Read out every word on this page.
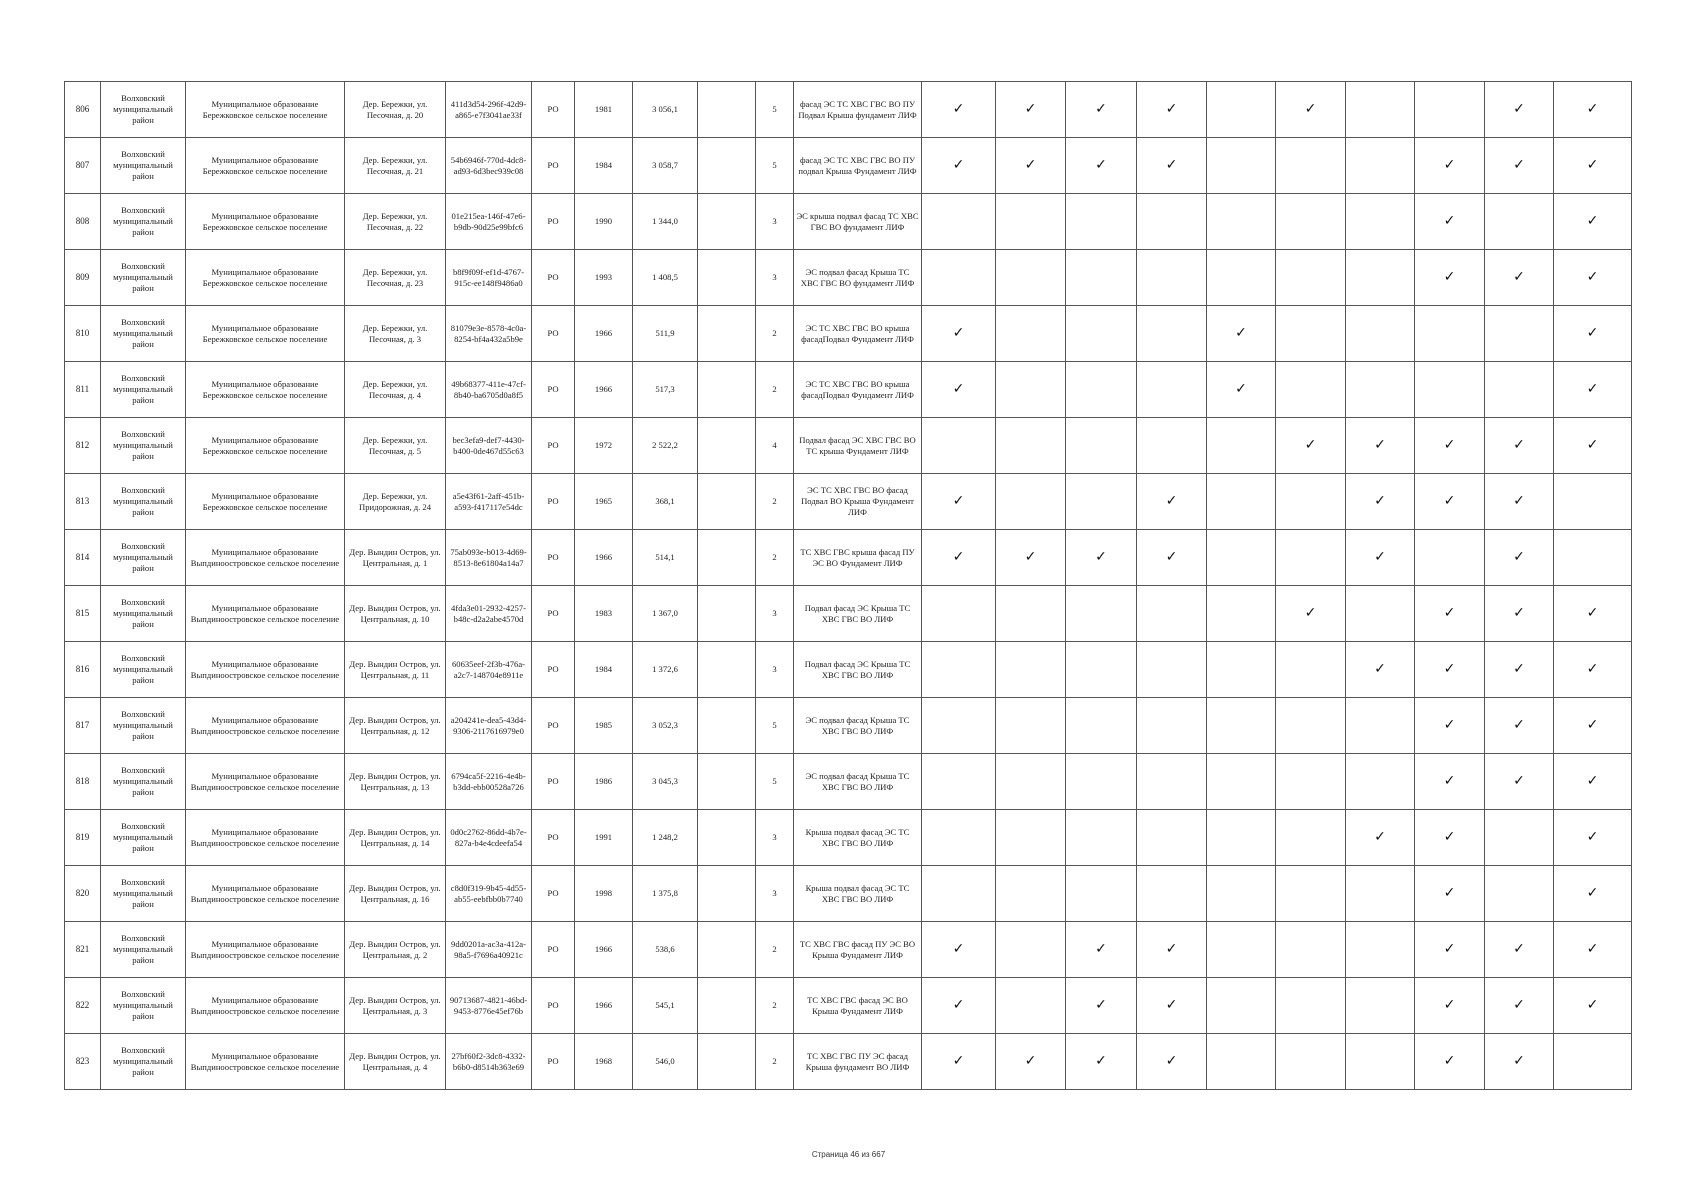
806	Волховский муниципальный район	Муниципальное образование Бережковское сельское поселение	Дер. Бережки, ул. Песочная, д. 20	411d3d54-296f-42d9-a865-e7f3041ae33f	РО	1981	3 056,1		5	фасад ЭС ТС ХВС ГВС ВО ПУ Подвал Крыша фундамент ЛИФ	✓	✓	✓	✓		✓			✓	✓
807	Волховский муниципальный район	Муниципальное образование Бережковское сельское поселение	Дер. Бережки, ул. Песочная, д. 21	54b6946f-770d-4dc8-ad93-6d3bec939c08	РО	1984	3 058,7		5	фасад ЭС ТС ХВС ГВС ВО ПУ подвал Крыша Фундамент ЛИФ	✓	✓	✓	✓				✓	✓	✓
808	Волховский муниципальный район	Муниципальное образование Бережковское сельское поселение	Дер. Бережки, ул. Песочная, д. 22	01e215ea-146f-47e6-b9db-90d25e99bfc6	РО	1990	1 344,0		3	ЭС крыша подвал фасад ТС ХВС ГВС ВО фундамент ЛИФ								✓		✓
809	Волховский муниципальный район	Муниципальное образование Бережковское сельское поселение	Дер. Бережки, ул. Песочная, д. 23	b8f9f09f-ef1d-4767-915c-ee148f9486a0	РО	1993	1 408,5		3	ЭС подвал фасад Крыша ТС ХВС ГВС ВО фундамент ЛИФ								✓	✓	✓
810	Волховский муниципальный район	Муниципальное образование Бережковское сельское поселение	Дер. Бережки, ул. Песочная, д. 3	81079e3e-8578-4c0a-8254-bf4a432a5b9e	РО	1966	511,9		2	ЭС ТС ХВС ГВС ВО крыша фасадПодвал Фундамент ЛИФ	✓				✓					✓
811	Волховский муниципальный район	Муниципальное образование Бережковское сельское поселение	Дер. Бережки, ул. Песочная, д. 4	49b68377-411e-47cf-8b40-ba6705d0a8f5	РО	1966	517,3		2	ЭС ТС ХВС ГВС ВО крыша фасадПодвал Фундамент ЛИФ	✓				✓					✓
812	Волховский муниципальный район	Муниципальное образование Бережковское сельское поселение	Дер. Бережки, ул. Песочная, д. 5	bec3efa9-def7-4430-b400-0de467d55c63	РО	1972	2 522,2		4	Подвал фасад ЭС ХВС ГВС ВО ТС крыша Фундамент ЛИФ						✓	✓	✓	✓	✓
813	Волховский муниципальный район	Муниципальное образование Бережковское сельское поселение	Дер. Бережки, ул. Придорожная, д. 24	a5e43f61-2aff-451b-a593-f417117e54dc	РО	1965	368,1		2	ЭС ТС ХВС ГВС ВО фасад Подвал ВО Крыша Фундамент ЛИФ	✓			✓			✓	✓	✓	
814	Волховский муниципальный район	Муниципальное образование Выпдиноостровское сельское поселение	Дер. Вындин Остров, ул. Центральная, д. 1	75ab093e-b013-4d69-8513-8e61804a14a7	РО	1966	514,1		2	ТС ХВС ГВС крыша фасад ПУ ЭС ВО Фундамент ЛИФ	✓	✓	✓	✓			✓		✓	
815	Волховский муниципальный район	Муниципальное образование Выпдиноостровское сельское поселение	Дер. Вындин Остров, ул. Центральная, д. 10	4fda3e01-2932-4257-b48c-d2a2abe4570d	РО	1983	1 367,0		3	Подвал фасад ЭС Крыша ТС ХВС ГВС ВО ЛИФ						✓		✓	✓	✓
816	Волховский муниципальный район	Муниципальное образование Выпдиноостровское сельское поселение	Дер. Вындин Остров, ул. Центральная, д. 11	60635eef-2f3b-476a-a2c7-148704e8911e	РО	1984	1 372,6		3	Подвал фасад ЭС Крыша ТС ХВС ГВС ВО ЛИФ							✓	✓	✓	✓
817	Волховский муниципальный район	Муниципальное образование Выпдиноостровское сельское поселение	Дер. Вындин Остров, ул. Центральная, д. 12	a204241e-dea5-43d4-9306-2117616979e0	РО	1985	3 052,3		5	ЭС подвал фасад Крыша ТС ХВС ГВС ВО ЛИФ								✓	✓	✓
818	Волховский муниципальный район	Муниципальное образование Выпдиноостровское сельское поселение	Дер. Вындин Остров, ул. Центральная, д. 13	6794ca5f-2216-4e4b-b3dd-ebb00528a726	РО	1986	3 045,3		5	ЭС подвал фасад Крыша ТС ХВС ГВС ВО ЛИФ								✓	✓	✓
819	Волховский муниципальный район	Муниципальное образование Выпдиноостровское сельское поселение	Дер. Вындин Остров, ул. Центральная, д. 14	0d0c2762-86dd-4b7e-827a-b4e4cdeefa54	РО	1991	1 248,2		3	Крыша подвал фасад ЭС ТС ХВС ГВС ВО ЛИФ							✓	✓		✓
820	Волховский муниципальный район	Муниципальное образование Выпдиноостровское сельское поселение	Дер. Вындин Остров, ул. Центральная, д. 16	c8d0f319-9b45-4d55-ab55-eebfbb0b7740	РО	1998	1 375,8		3	Крыша подвал фасад ЭС ТС ХВС ГВС ВО ЛИФ								✓		✓
821	Волховский муниципальный район	Муниципальное образование Выпдиноостровское сельское поселение	Дер. Вындин Остров, ул. Центральная, д. 2	9dd0201a-ac3a-412a-98a5-f7696a40921c	РО	1966	538,6		2	ТС ХВС ГВС фасад ПУ ЭС ВО Крыша Фундамент ЛИФ	✓		✓	✓				✓	✓	✓
822	Волховский муниципальный район	Муниципальное образование Выпдиноостровское сельское поселение	Дер. Вындин Остров, ул. Центральная, д. 3	90713687-4821-46bd-9453-8776e45ef76b	РО	1966	545,1		2	ТС ХВС ГВС фасад ЭС ВО Крыша Фундамент ЛИФ	✓		✓	✓				✓	✓	✓
823	Волховский муниципальный район	Муниципальное образование Выпдиноостровское сельское поселение	Дер. Вындин Остров, ул. Центральная, д. 4	27bf60f2-3dc8-4332-b6b0-d8514b363e69	РО	1968	546,0		2	ТС ХВС ГВС ПУ ЭС фасад Крыша фундамент ВО ЛИФ	✓	✓	✓	✓				✓	✓	
Страница 46 из 667
